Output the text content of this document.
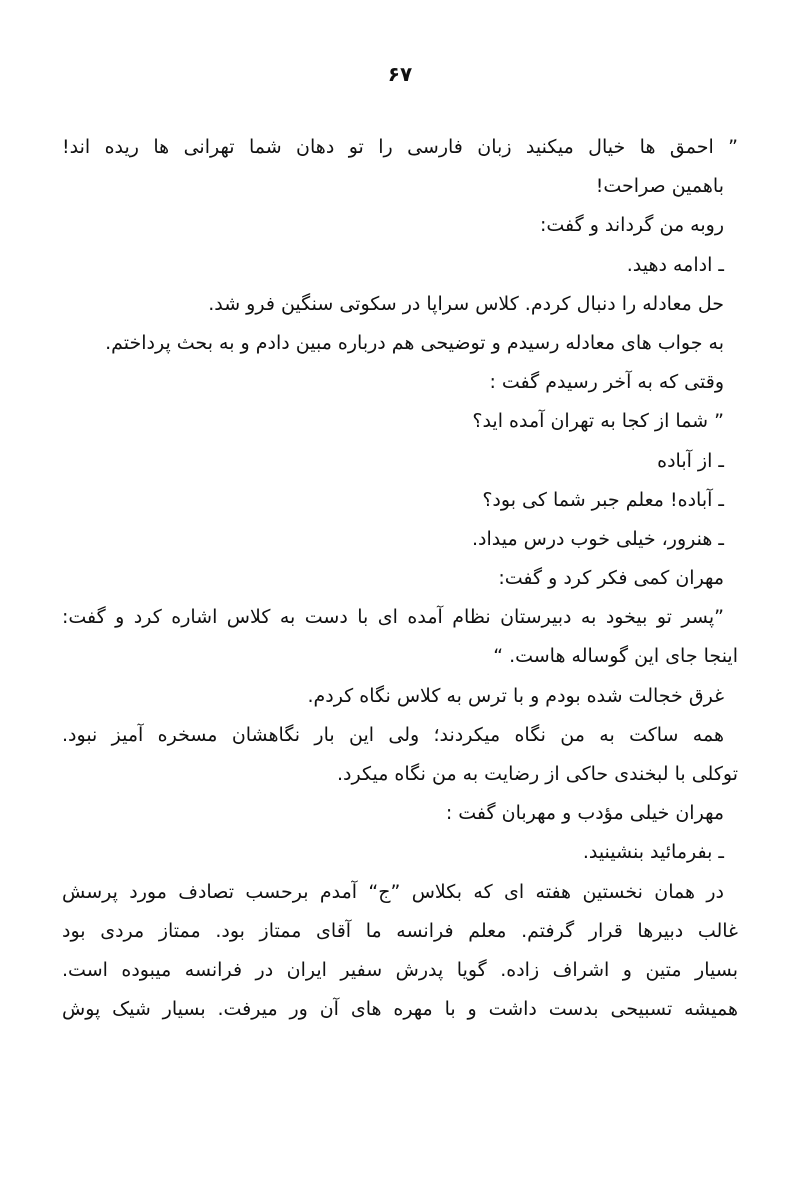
۶۷
” احمق ها خیال میکنید زبان فارسی را تو دهان شما تهرانی ها ریده اند!
باهمین صراحت!
روبه من گرداند و گفت:
ـ ادامه دهید.
حل معادله را دنبال کردم. کلاس سراپا در سکوتی سنگین فرو شد.
به جواب های معادله رسیدم و توضیحی هم درباره مبین دادم و به بحث پرداختم.
وقتی که به آخر رسیدم گفت :
” شما از کجا به تهران آمده اید؟
ـ از آباده
ـ آباده! معلم جبر شما کی بود؟
ـ هنرور، خیلی خوب درس میداد.
مهران کمی فکر کرد و گفت:
”پسر تو بیخود به دبیرستان نظام آمده ای با دست به کلاس اشاره کرد و گفت:
اینجا جای این گوساله هاست. “
غرق خجالت شده بودم و با ترس به کلاس نگاه کردم.
همه ساکت به من نگاه میکردند؛ ولی این بار نگاهشان مسخره آمیز نبود.
توکلی با لبخندی حاکی از رضایت به من نگاه میکرد.
مهران خیلی مؤدب و مهربان گفت :
ـ بفرمائید بنشینید.
در همان نخستین هفته ای که بکلاس ”ج“ آمدم برحسب تصادف مورد پرسش
غالب دبیرها قرار گرفتم. معلم فرانسه ما آقای ممتاز بود. ممتاز مردی بود
بسیار متین و اشراف زاده. گویا پدرش سفیر ایران در فرانسه میبوده است.
همیشه تسبیحی بدست داشت و با مهره های آن ور میرفت. بسیار شیک پوش
